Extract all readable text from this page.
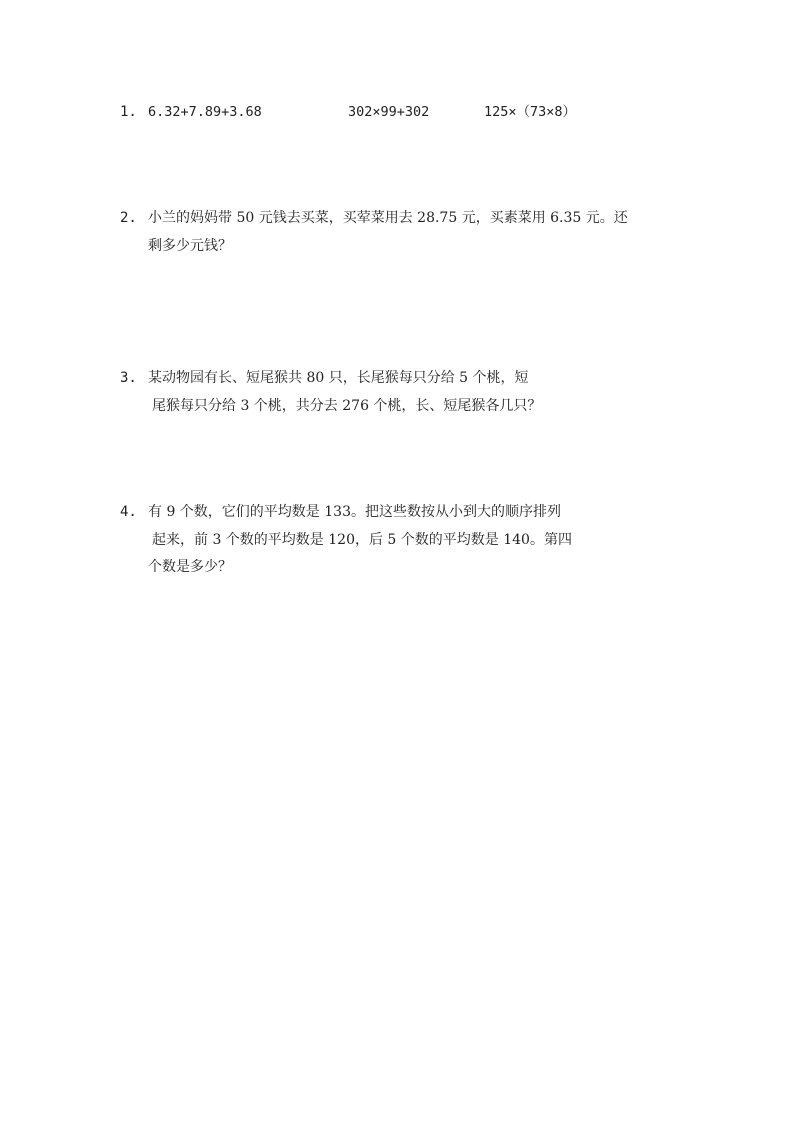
1. 6.32+7.89+3.68	302×99+302	125×（73×8）
2. 小兰的妈妈带 50 元钱去买菜，买荤菜用去 28.75 元，买素菜用 6.35 元。还
剩多少元钱？
3. 某动物园有长、短尾猴共 80 只，长尾猴每只分给 5 个桃，短
尾猴每只分给 3 个桃，共分去 276 个桃，长、短尾猴各几只？
4. 有 9 个数，它们的平均数是 133。把这些数按从小到大的顺序排列
起来，前 3 个数的平均数是 120，后 5 个数的平均数是 140。第四
个数是多少？
